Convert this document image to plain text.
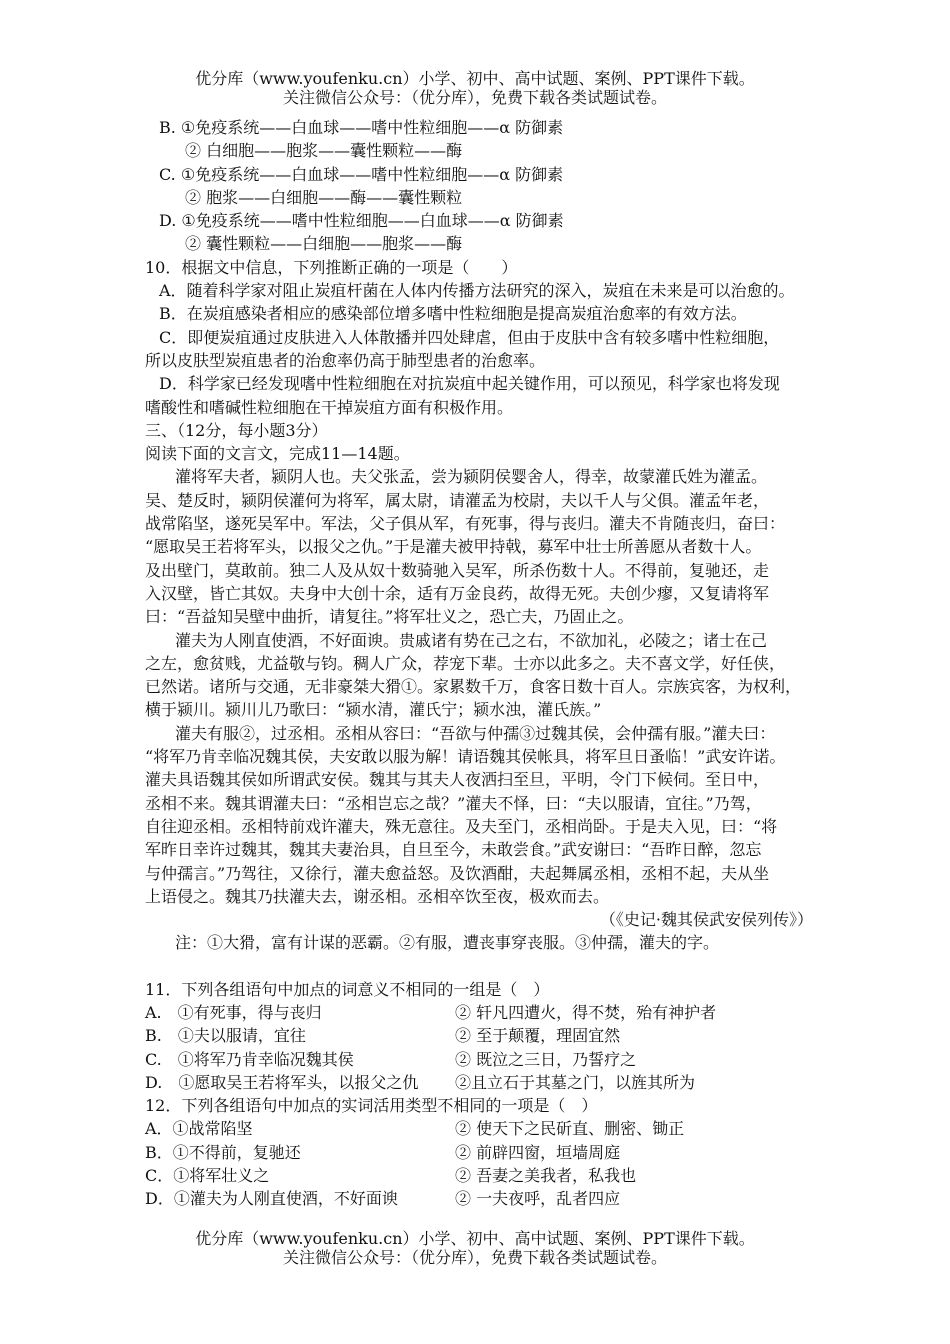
优分库（www.youfenku.cn）小学、初中、高中试题、案例、PPT课件下载。
关注微信公众号：（优分库），免费下载各类试题试卷。

B. ①免疫系统——白血球——嗜中性粒细胞——α 防御素

② 白细胞——胞浆——囊性颗粒——酶

C. ①免疫系统——白血球——嗜中性粒细胞——α 防御素

② 胞浆——白细胞——酶——囊性颗粒

D. ①免疫系统——嗜中性粒细胞——白血球——α 防御素

② 囊性颗粒——白细胞——胞浆——酶

10．根据文中信息，下列推断正确的一项是（　　）

A．随着科学家对阻止炭疽杆菌在人体内传播方法研究的深入，炭疽在未来是可以治愈的。

B．在炭疽感染者相应的感染部位增多嗜中性粒细胞是提高炭疽治愈率的有效方法。

C．即便炭疽通过皮肤进入人体散播并四处肆虐，但由于皮肤中含有较多嗜中性粒细胞，

所以皮肤型炭疽患者的治愈率仍高于肺型患者的治愈率。

D．科学家已经发现嗜中性粒细胞在对抗炭疽中起关键作用，可以预见，科学家也将发现

嗜酸性和嗜碱性粒细胞在干掉炭疽方面有积极作用。

三、（12分，每小题3分）

阅读下面的文言文，完成11—14题。

灌将军夫者，颍阴人也。夫父张孟，尝为颍阴侯婴舍人，得幸，故蒙灌氏姓为灌孟。

吴、楚反时，颍阴侯灌何为将军，属太尉，请灌孟为校尉，夫以千人与父俱。灌孟年老，

战常陷坚，遂死吴军中。军法，父子俱从军，有死事，得与丧归。灌夫不肯随丧归，奋曰：

“愿取吴王若将军头，以报父之仇。”于是灌夫被甲持戟，募军中壮士所善愿从者数十人。

及出壁门，莫敢前。独二人及从奴十数骑驰入吴军，所杀伤数十人。不得前，复驰还，走

入汉壁，皆亡其奴。夫身中大创十余，适有万金良药，故得无死。夫创少瘳，又复请将军

曰：“吾益知吴壁中曲折，请复往。”将军壮义之，恐亡夫，乃固止之。

灌夫为人刚直使酒，不好面谀。贵戚诸有势在己之右，不欲加礼，必陵之；诸士在己

之左，愈贫贱，尤益敬与钧。稠人广众，荐宠下辈。士亦以此多之。夫不喜文学，好任侠，

已然诺。诸所与交通，无非豪桀大猾①。家累数千万，食客日数十百人。宗族宾客，为权利，

横于颍川。颍川儿乃歌曰：“颍水清，灌氏宁；颍水浊，灌氏族。”

灌夫有服②，过丞相。丞相从容曰：“吾欲与仲孺③过魏其侯，会仲孺有服。”灌夫曰：

“将军乃肯幸临况魏其侯，夫安敢以服为解！请语魏其侯帐具，将军旦日蚤临！”武安许诺。

灌夫具语魏其侯如所谓武安侯。魏其与其夫人夜洒扫至旦，平明，令门下候伺。至日中，

丞相不来。魏其谓灌夫曰：“丞相岂忘之哉？”灌夫不怿，曰：“夫以服请，宜往。”乃驾，

自往迎丞相。丞相特前戏许灌夫，殊无意往。及夫至门，丞相尚卧。于是夫入见，曰：“将

军昨日幸许过魏其，魏其夫妻治具，自旦至今，未敢尝食。”武安谢曰：“吾昨日醉，忽忘

与仲孺言。”乃驾往，又徐行，灌夫愈益怒。及饮酒酣，夫起舞属丞相，丞相不起，夫从坐

上语侵之。魏其乃扶灌夫去，谢丞相。丞相卒饮至夜，极欢而去。

（《史记·魏其侯武安侯列传》）

注：①大猾，富有计谋的恶霸。②有服，遭丧事穿丧服。③仲孺，灌夫的字。

11．下列各组语句中加点的词意义不相同的一组是（　）

A.　①有死事，得与丧归	② 轩凡四遭火，得不焚，殆有神护者
B.　①夫以服请，宜往	② 至于颠覆，理固宜然
C.　①将军乃肯幸临况魏其侯	② 既泣之三日，乃誓疗之
D.　①愿取吴王若将军头，以报父之仇	②且立石于其墓之门，以旌其所为

12．下列各组语句中加点的实词活用类型不相同的一项是（　）

A．①战常陷坚	② 使天下之民斫直、删密、锄正
B．①不得前，复驰还	② 前辟四窗，垣墙周庭
C．①将军壮义之	② 吾妻之美我者，私我也
D．①灌夫为人刚直使酒，不好面谀	② 一夫夜呼，乱者四应
优分库（www.youfenku.cn）小学、初中、高中试题、案例、PPT课件下载。
关注微信公众号：（优分库），免费下载各类试题试卷。
